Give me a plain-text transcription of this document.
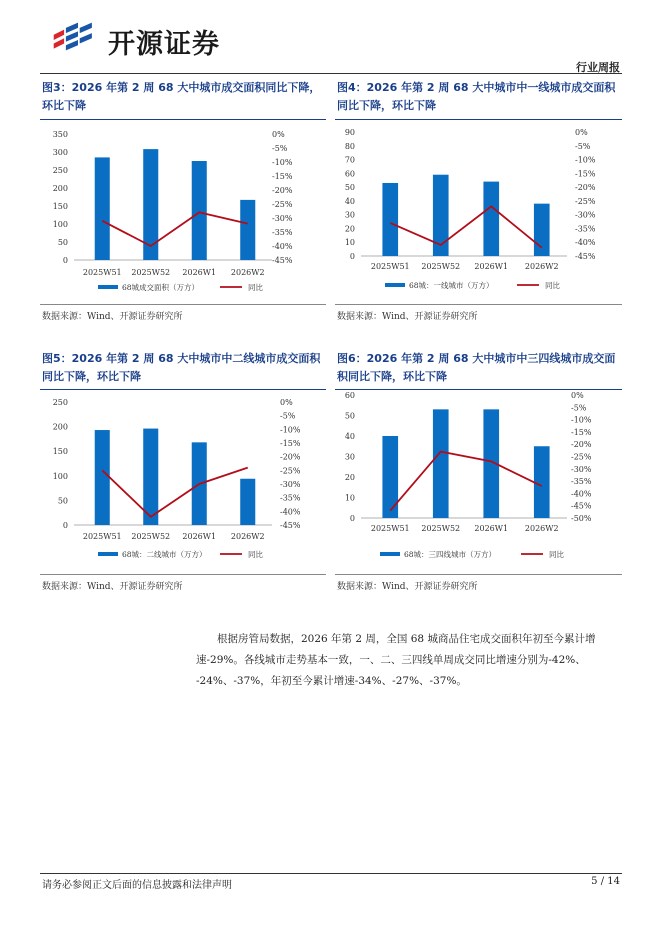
开源证券
行业周报
图3：2026 年第 2 周 68 大中城市成交面积同比下降，环比下降
0
50
100
150
200
250
300
350	0%
-5%
-10%
-15%
-20%
-25%
-30%
-35%
-40%
-45%
2025W51 2025W52 2026W1 2026W2
68城成交面积（万方）	同比
数据来源：Wind、开源证券研究所
图4：2026 年第 2 周 68 大中城市中一线城市成交面积同比下降，环比下降
0
10
20
30
40
50
60
70
80
90	0%
-5%
-10%
-15%
-20%
-25%
-30%
-35%
-40%
-45%
2025W51 2025W52 2026W1 2026W2
68城：一线城市（万方）	同比
数据来源：Wind、开源证券研究所
图5：2026 年第 2 周 68 大中城市中二线城市成交面积同比下降，环比下降
0
50
100
150
200
250	0%
-5%
-10%
-15%
-20%
-25%
-30%
-35%
-40%
-45%
2025W51 2025W52 2026W1 2026W2
68城：二线城市（万方）	同比
数据来源：Wind、开源证券研究所
图6：2026 年第 2 周 68 大中城市中三四线城市成交面积同比下降，环比下降
0
10
20
30
40
50
60	0%
-5%
-10%
-15%
-20%
-25%
-30%
-35%
-40%
-45%
-50%
2025W51 2025W52 2026W1 2026W2
68城：三四线城市（万方）	同比
数据来源：Wind、开源证券研究所
根据房管局数据，2026 年第 2 周，全国 68 城商品住宅成交面积年初至今累计增
速-29%。各线城市走势基本一致，一、二、三四线单周成交同比增速分别为-42%、
-24%、-37%，年初至今累计增速-34%、-27%、-37%。
请务必参阅正文后面的信息披露和法律声明	5 / 14
